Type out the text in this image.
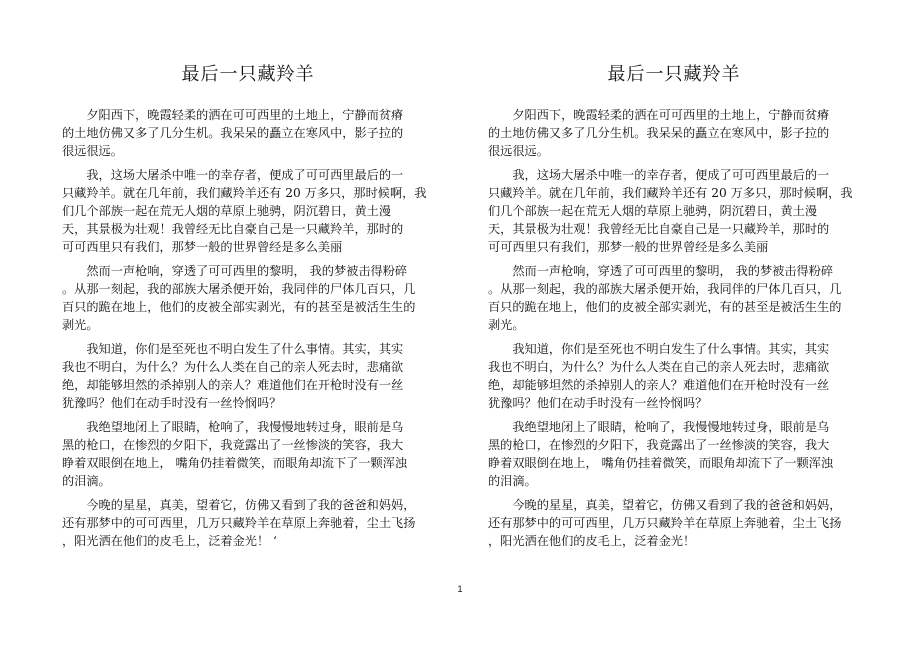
最后一只藏羚羊

　　夕阳西下，晚霞轻柔的洒在可可西里的土地上，宁静而贫瘠
的土地仿佛又多了几分生机。我呆呆的矗立在寒风中，影子拉的
很远很远。

　　我，这场大屠杀中唯一的幸存者，便成了可可西里最后的一
只藏羚羊。就在几年前，我们藏羚羊还有 20 万多只，那时候啊，我
们几个部族一起在荒无人烟的草原上驰骋，阴沉碧日，黄土漫
天，其景极为壮观！我曾经无比自豪自己是一只藏羚羊，那时的
可可西里只有我们，那梦一般的世界曾经是多么美丽

　　然而一声枪响，穿透了可可西里的黎明， 我的梦被击得粉碎
。从那一刻起，我的部族大屠杀便开始，我同伴的尸体几百只，几
百只的跪在地上，他们的皮被全部实剥光，有的甚至是被活生生的
剥光。

　　我知道，你们是至死也不明白发生了什么事情。其实，其实
我也不明白，为什么？为什么人类在自己的亲人死去时，悲痛欲
绝，却能够坦然的杀掉别人的亲人？难道他们在开枪时没有一丝
犹豫吗？他们在动手时没有一丝怜悯吗？

　　我绝望地闭上了眼睛，枪响了，我慢慢地转过身，眼前是乌
黑的枪口，在惨烈的夕阳下，我竟露出了一丝惨淡的笑容，我大
睁着双眼倒在地上， 嘴角仍挂着微笑，而眼角却流下了一颗浑浊
的泪滴。

　　今晚的星星，真美，望着它，仿佛又看到了我的爸爸和妈妈，
还有那梦中的可可西里，几万只藏羚羊在草原上奔驰着，尘土飞扬
，阳光洒在他们的皮毛上，泛着金光！ ‘

最后一只藏羚羊

　　夕阳西下，晚霞轻柔的洒在可可西里的土地上，宁静而贫瘠
的土地仿佛又多了几分生机。我呆呆的矗立在寒风中，影子拉的
很远很远。

　　我，这场大屠杀中唯一的幸存者，便成了可可西里最后的一
只藏羚羊。就在几年前，我们藏羚羊还有 20 万多只，那时候啊，我
们几个部族一起在荒无人烟的草原上驰骋，阴沉碧日，黄土漫
天，其景极为壮观！我曾经无比自豪自己是一只藏羚羊，那时的
可可西里只有我们，那梦一般的世界曾经是多么美丽

　　然而一声枪响，穿透了可可西里的黎明， 我的梦被击得粉碎
。从那一刻起，我的部族大屠杀便开始，我同伴的尸体几百只，几
百只的跪在地上，他们的皮被全部实剥光，有的甚至是被活生生的
剥光。

　　我知道，你们是至死也不明白发生了什么事情。其实，其实
我也不明白，为什么？为什么人类在自己的亲人死去时，悲痛欲
绝，却能够坦然的杀掉别人的亲人？难道他们在开枪时没有一丝
犹豫吗？他们在动手时没有一丝怜悯吗？

　　我绝望地闭上了眼睛，枪响了，我慢慢地转过身，眼前是乌
黑的枪口，在惨烈的夕阳下，我竟露出了一丝惨淡的笑容，我大
睁着双眼倒在地上， 嘴角仍挂着微笑，而眼角却流下了一颗浑浊
的泪滴。

　　今晚的星星，真美，望着它，仿佛又看到了我的爸爸和妈妈，
还有那梦中的可可西里，几万只藏羚羊在草原上奔驰着，尘土飞扬
，阳光洒在他们的皮毛上，泛着金光！

1
